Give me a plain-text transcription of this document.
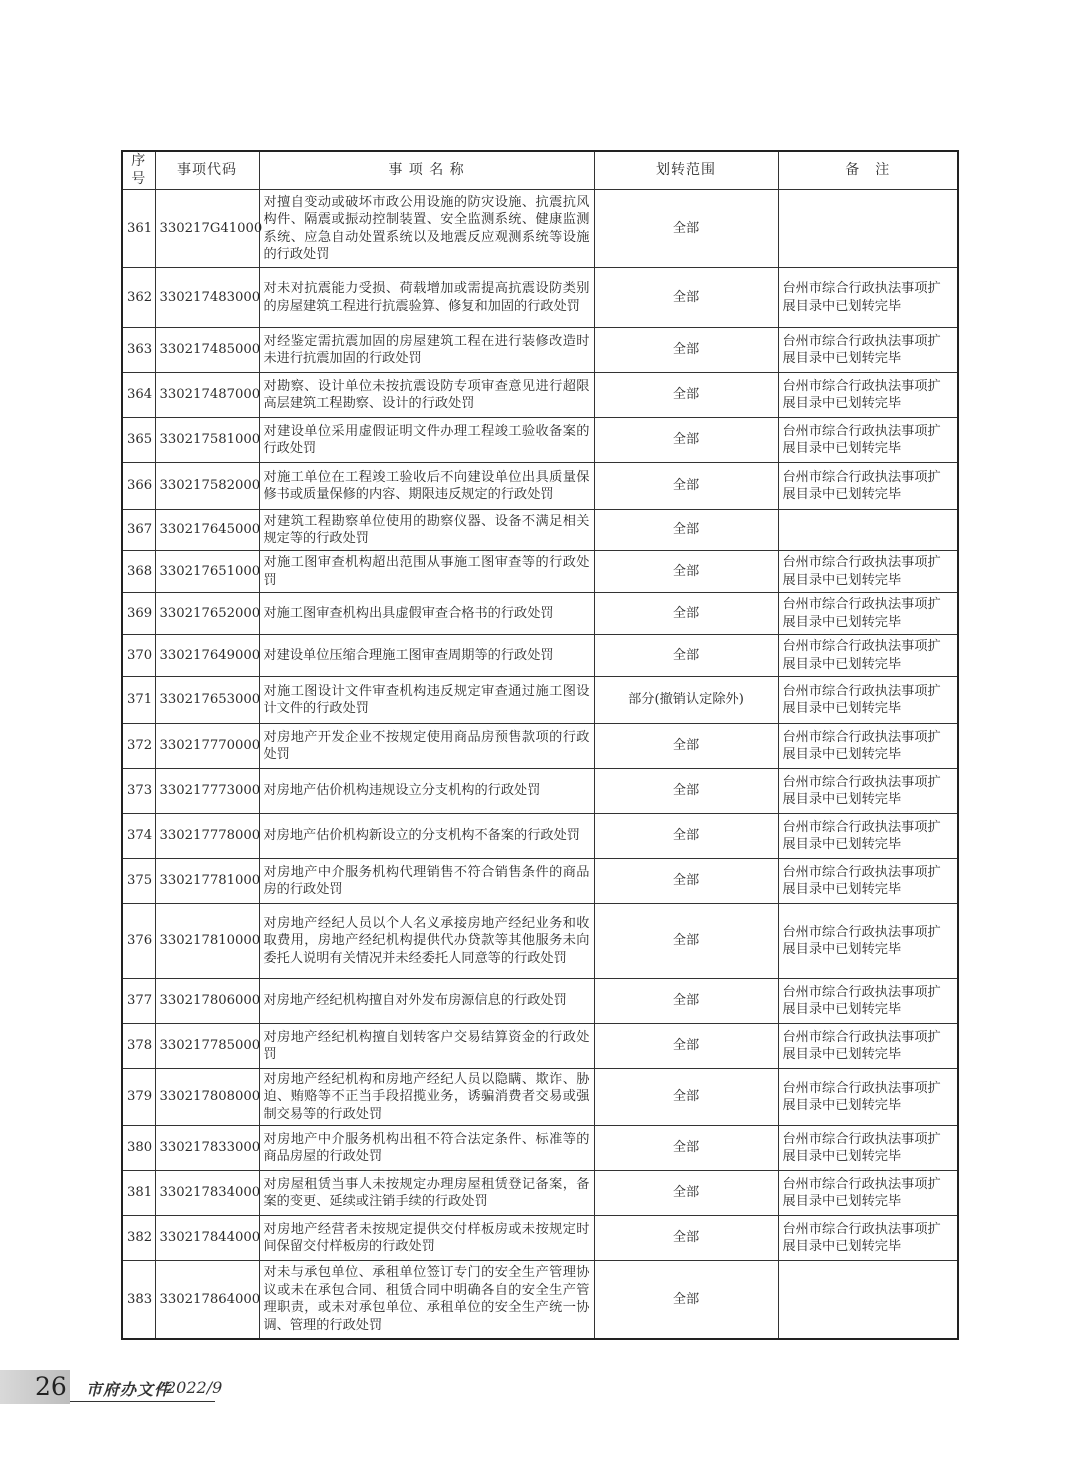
序号	事项代码	事 项 名 称	划转范围	备　注
361	330217G41000	对擅自变动或破坏市政公用设施的防灾设施、抗震抗风构件、隔震或振动控制装置、安全监测系统、健康监测系统、应急自动处置系统以及地震反应观测系统等设施的行政处罚	全部	
362	330217483000	对未对抗震能力受损、荷载增加或需提高抗震设防类别的房屋建筑工程进行抗震验算、修复和加固的行政处罚	全部	台州市综合行政执法事项扩展目录中已划转完毕
363	330217485000	对经鉴定需抗震加固的房屋建筑工程在进行装修改造时未进行抗震加固的行政处罚	全部	台州市综合行政执法事项扩展目录中已划转完毕
364	330217487000	对勘察、设计单位未按抗震设防专项审查意见进行超限高层建筑工程勘察、设计的行政处罚	全部	台州市综合行政执法事项扩展目录中已划转完毕
365	330217581000	对建设单位采用虚假证明文件办理工程竣工验收备案的行政处罚	全部	台州市综合行政执法事项扩展目录中已划转完毕
366	330217582000	对施工单位在工程竣工验收后不向建设单位出具质量保修书或质量保修的内容、期限违反规定的行政处罚	全部	台州市综合行政执法事项扩展目录中已划转完毕
367	330217645000	对建筑工程勘察单位使用的勘察仪器、设备不满足相关规定等的行政处罚	全部	
368	330217651000	对施工图审查机构超出范围从事施工图审查等的行政处罚	全部	台州市综合行政执法事项扩展目录中已划转完毕
369	330217652000	对施工图审查机构出具虚假审查合格书的行政处罚	全部	台州市综合行政执法事项扩展目录中已划转完毕
370	330217649000	对建设单位压缩合理施工图审查周期等的行政处罚	全部	台州市综合行政执法事项扩展目录中已划转完毕
371	330217653000	对施工图设计文件审查机构违反规定审查通过施工图设计文件的行政处罚	部分(撤销认定除外)	台州市综合行政执法事项扩展目录中已划转完毕
372	330217770000	对房地产开发企业不按规定使用商品房预售款项的行政处罚	全部	台州市综合行政执法事项扩展目录中已划转完毕
373	330217773000	对房地产估价机构违规设立分支机构的行政处罚	全部	台州市综合行政执法事项扩展目录中已划转完毕
374	330217778000	对房地产估价机构新设立的分支机构不备案的行政处罚	全部	台州市综合行政执法事项扩展目录中已划转完毕
375	330217781000	对房地产中介服务机构代理销售不符合销售条件的商品房的行政处罚	全部	台州市综合行政执法事项扩展目录中已划转完毕
376	330217810000	对房地产经纪人员以个人名义承接房地产经纪业务和收取费用，房地产经纪机构提供代办贷款等其他服务未向委托人说明有关情况并未经委托人同意等的行政处罚	全部	台州市综合行政执法事项扩展目录中已划转完毕
377	330217806000	对房地产经纪机构擅自对外发布房源信息的行政处罚	全部	台州市综合行政执法事项扩展目录中已划转完毕
378	330217785000	对房地产经纪机构擅自划转客户交易结算资金的行政处罚	全部	台州市综合行政执法事项扩展目录中已划转完毕
379	330217808000	对房地产经纪机构和房地产经纪人员以隐瞒、欺诈、胁迫、贿赂等不正当手段招揽业务，诱骗消费者交易或强制交易等的行政处罚	全部	台州市综合行政执法事项扩展目录中已划转完毕
380	330217833000	对房地产中介服务机构出租不符合法定条件、标准等的商品房屋的行政处罚	全部	台州市综合行政执法事项扩展目录中已划转完毕
381	330217834000	对房屋租赁当事人未按规定办理房屋租赁登记备案，备案的变更、延续或注销手续的行政处罚	全部	台州市综合行政执法事项扩展目录中已划转完毕
382	330217844000	对房地产经营者未按规定提供交付样板房或未按规定时间保留交付样板房的行政处罚	全部	台州市综合行政执法事项扩展目录中已划转完毕
383	330217864000	对未与承包单位、承租单位签订专门的安全生产管理协议或未在承包合同、租赁合同中明确各自的安全生产管理职责，或未对承包单位、承租单位的安全生产统一协调、管理的行政处罚	全部	
26 市府办文件
2022/9
